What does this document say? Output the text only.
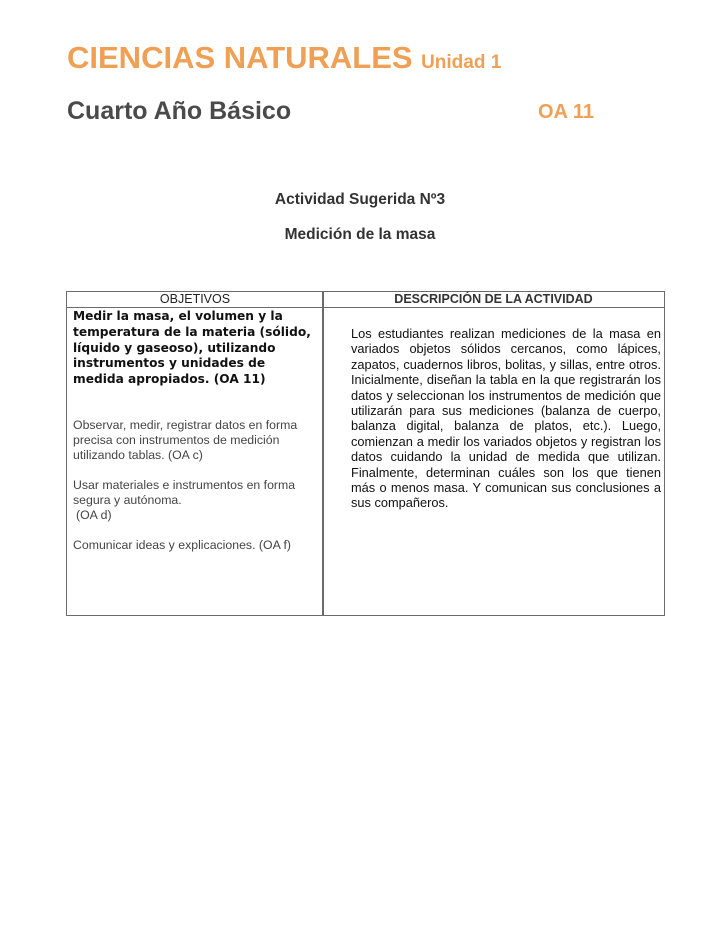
CIENCIAS NATURALES Unidad 1
Cuarto Año Básico	OA 11
Actividad Sugerida Nº3
Medición de la masa
OBJETIVOS	DESCRIPCIÓN DE LA ACTIVIDAD
Medir la masa, el volumen y la temperatura de la materia (sólido, líquido y gaseoso), utilizando instrumentos y unidades de medida apropiados. (OA 11)
Observar, medir, registrar datos en forma precisa con instrumentos de medición utilizando tablas. (OA c)
Usar materiales e instrumentos en forma segura y autónoma.
(OA d)
Comunicar ideas y explicaciones. (OA f)
Los estudiantes realizan mediciones de la masa en variados objetos sólidos cercanos, como lápices, zapatos, cuadernos libros, bolitas, y sillas, entre otros. Inicialmente, diseñan la tabla en la que registrarán los datos y seleccionan los instrumentos de medición que utilizarán para sus mediciones (balanza de cuerpo, balanza digital, balanza de platos, etc.). Luego, comienzan a medir los variados objetos y registran los datos cuidando la unidad de medida que utilizan. Finalmente, determinan cuáles son los que tienen más o menos masa. Y comunican sus conclusiones a sus compañeros.
